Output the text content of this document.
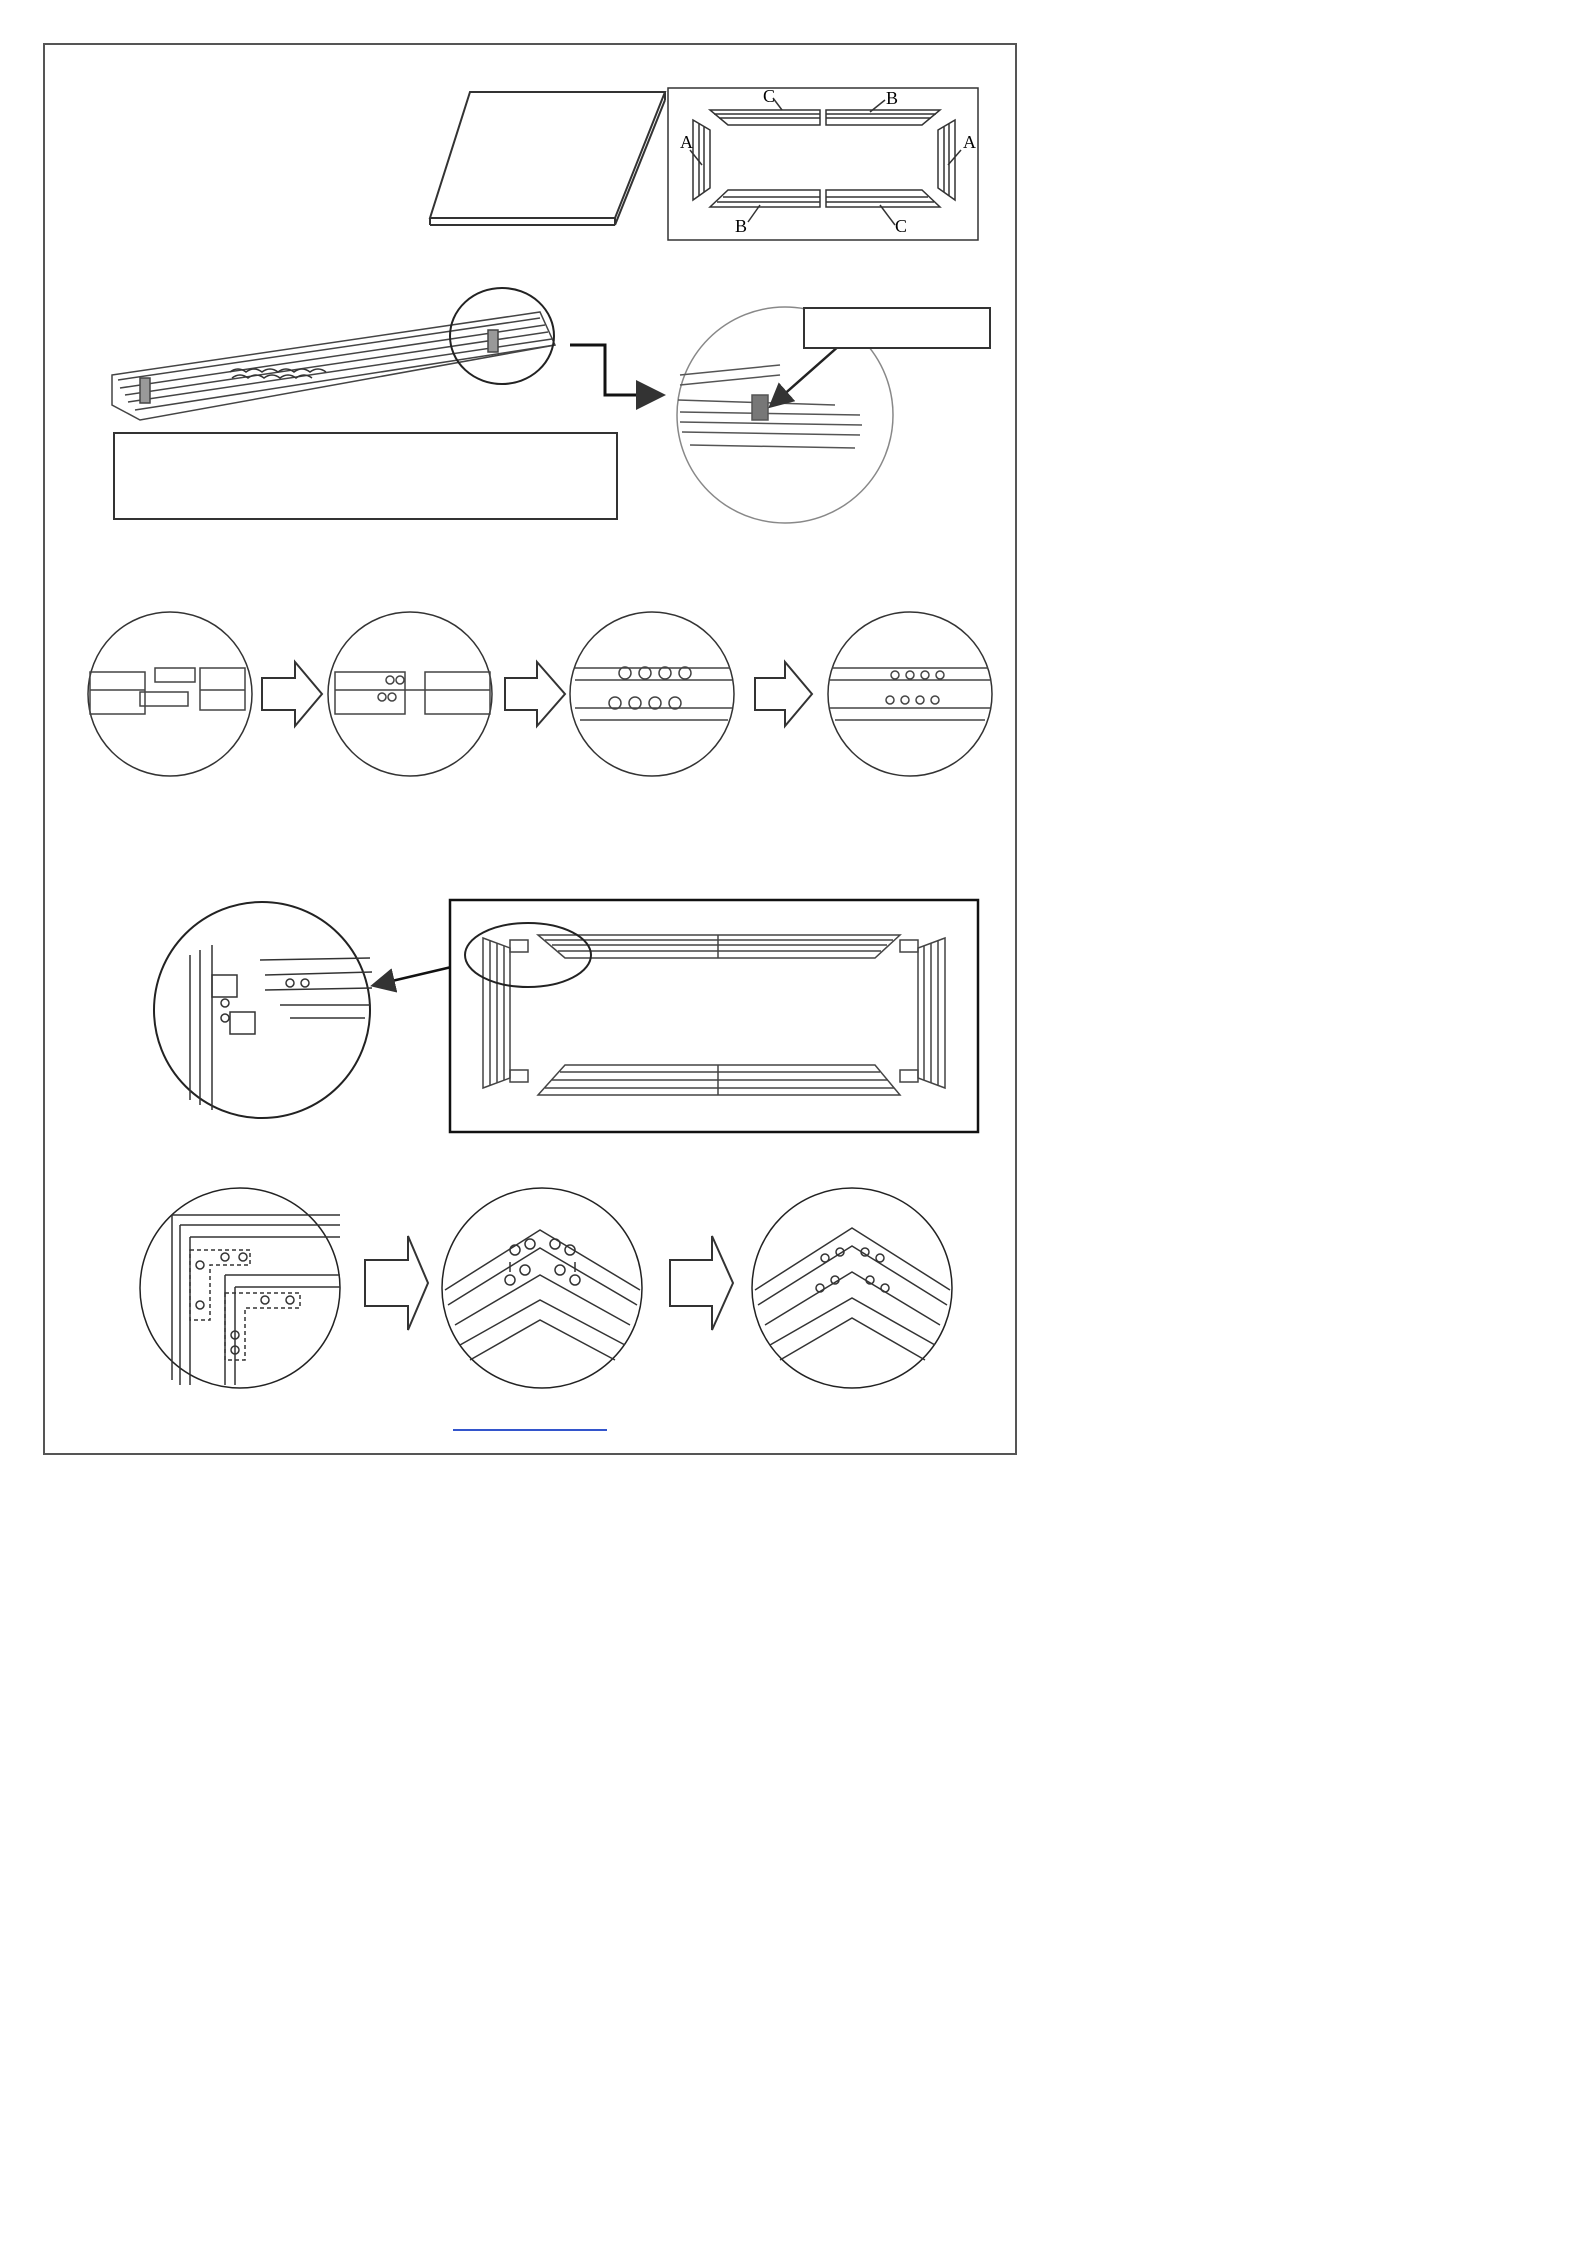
C	B
A	A
B	C
